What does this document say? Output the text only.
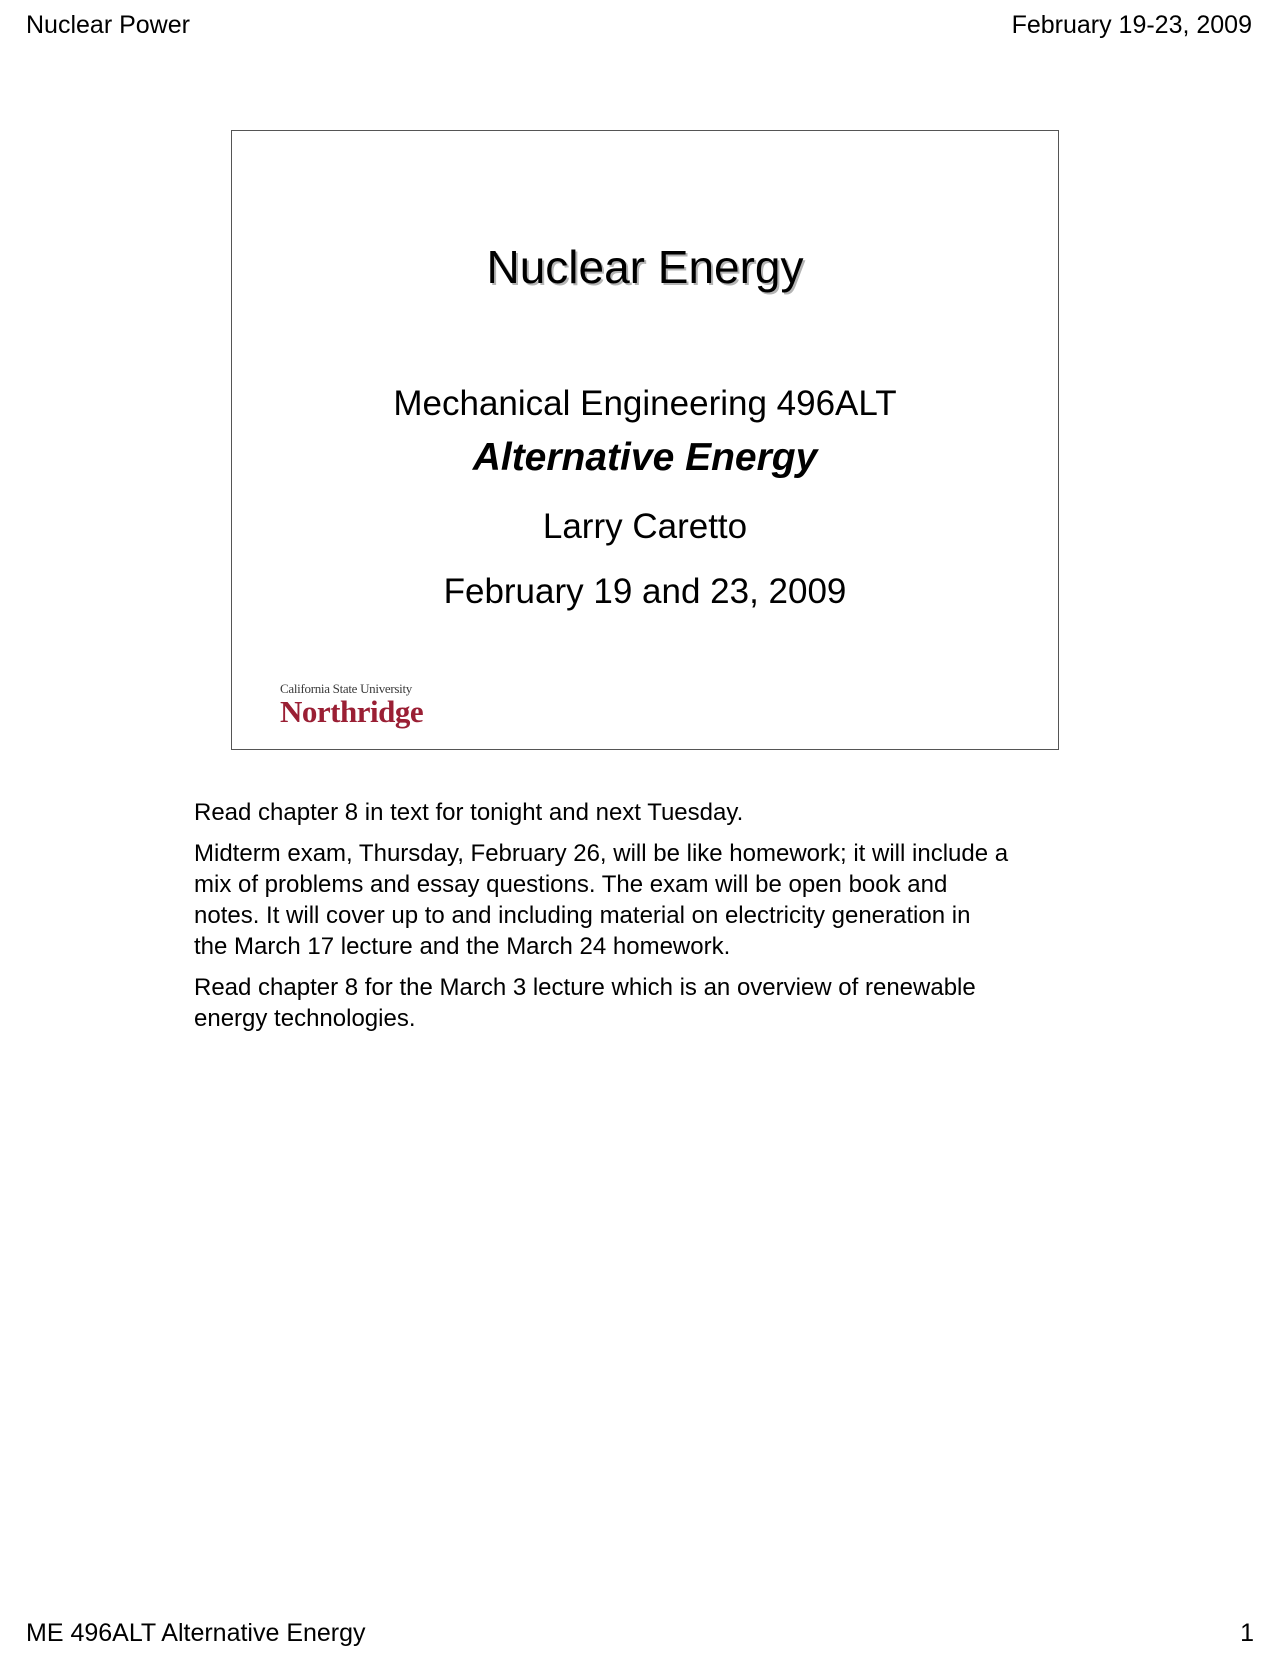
Nuclear Power	February 19-23, 2009
Nuclear Energy
Mechanical Engineering 496ALT
Alternative Energy
Larry Caretto
February 19 and 23, 2009
California State University
Northridge

Read chapter 8 in text for tonight and next Tuesday.

Midterm exam, Thursday, February 26, will be like homework; it will include a
mix of problems and essay questions. The exam will be open book and
notes. It will cover up to and including material on electricity generation in
the March 17 lecture and the March 24 homework.

Read chapter 8 for the March 3 lecture which is an overview of renewable
energy technologies.

ME 496ALT Alternative Energy	1
